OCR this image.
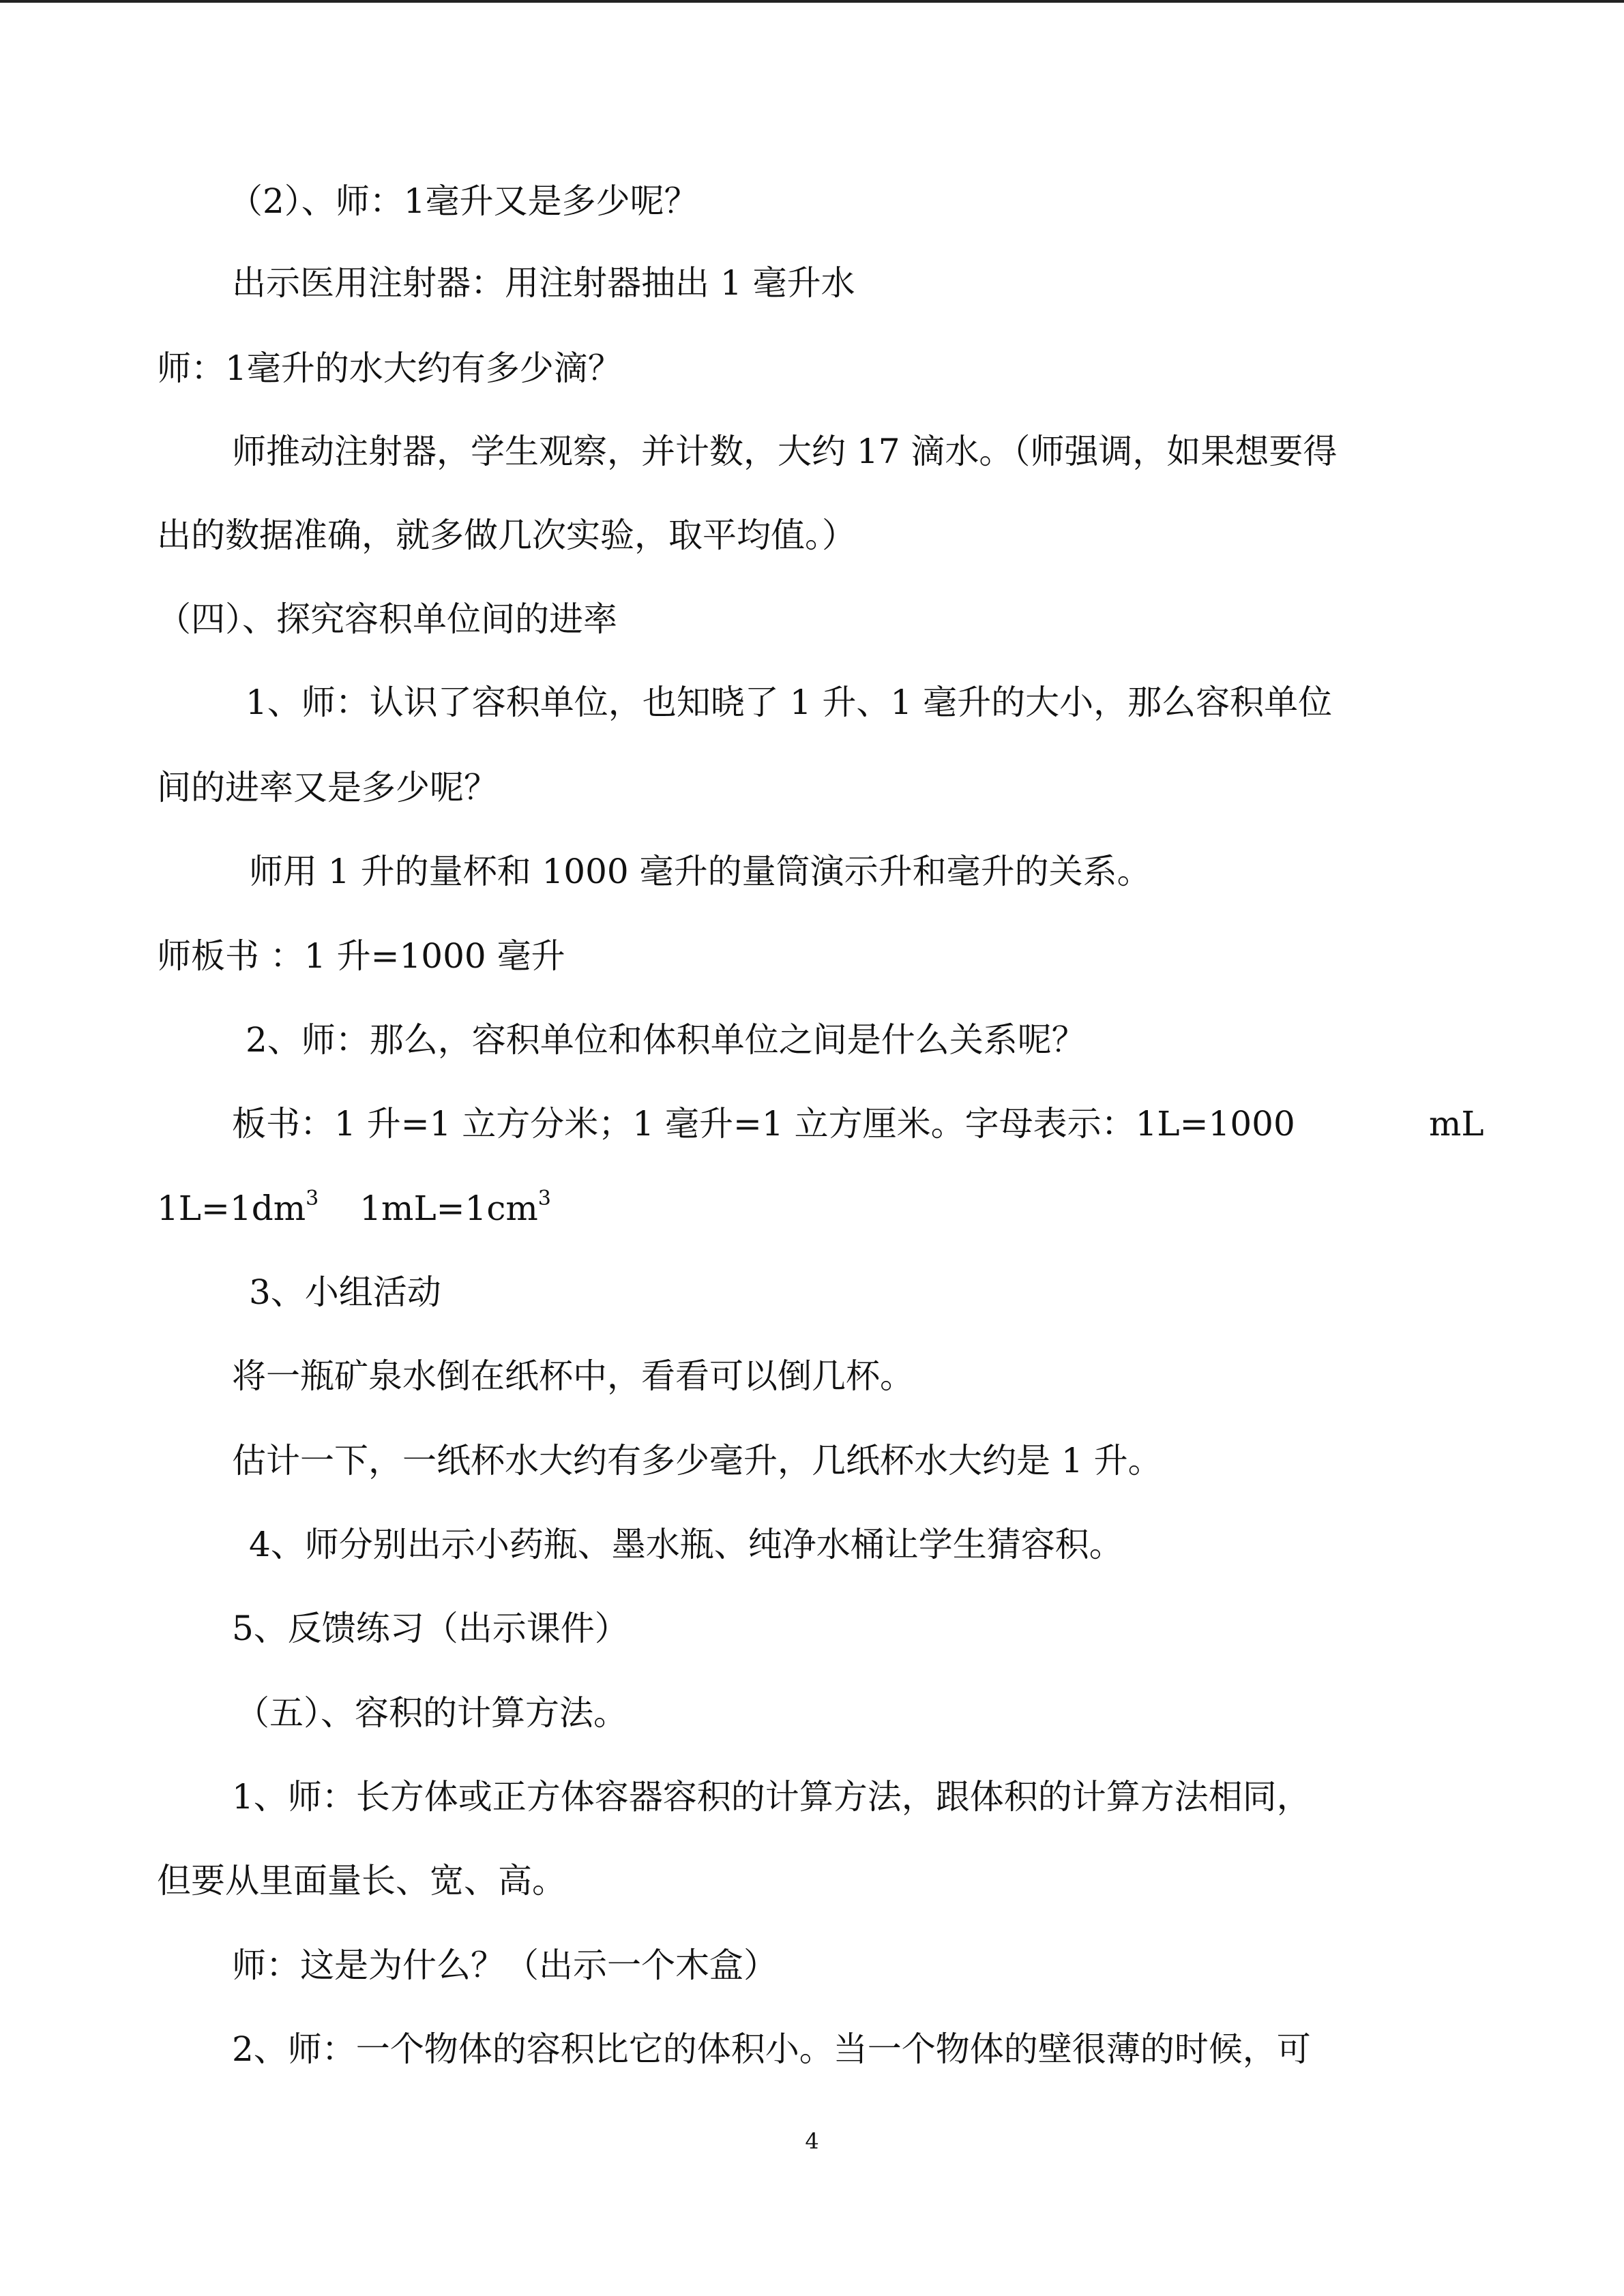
（2）、师：1毫升又是多少呢？
出示医用注射器：用注射器抽出 1 毫升水
师：1毫升的水大约有多少滴？
师推动注射器，学生观察，并计数，大约 17 滴水。（师强调，如果想要得
出的数据准确，就多做几次实验，取平均值。）
（四）、探究容积单位间的进率
1、师：认识了容积单位，也知晓了 1 升、1 毫升的大小，那么容积单位
间的进率又是多少呢？
师用 1 升的量杯和 1000 毫升的量筒演示升和毫升的关系。
师板书 ：1 升=1000 毫升
2、师：那么，容积单位和体积单位之间是什么关系呢？
板书：1 升=1 立方分米；1 毫升=1 立方厘米。字母表示：1L=1000	mL
$1L=1dm^3$ $1mL=1cm^3$
3、小组活动
将一瓶矿泉水倒在纸杯中，看看可以倒几杯。
估计一下，一纸杯水大约有多少毫升，几纸杯水大约是 1 升。
4、师分别出示小药瓶、墨水瓶、纯净水桶让学生猜容积。
5、反馈练习（出示课件）
（五）、容积的计算方法。
1、师：长方体或正方体容器容积的计算方法，跟体积的计算方法相同，
但要从里面量长、宽、高。
师：这是为什么？（出示一个木盒）
2、师：一个物体的容积比它的体积小。当一个物体的壁很薄的时候，可
4
